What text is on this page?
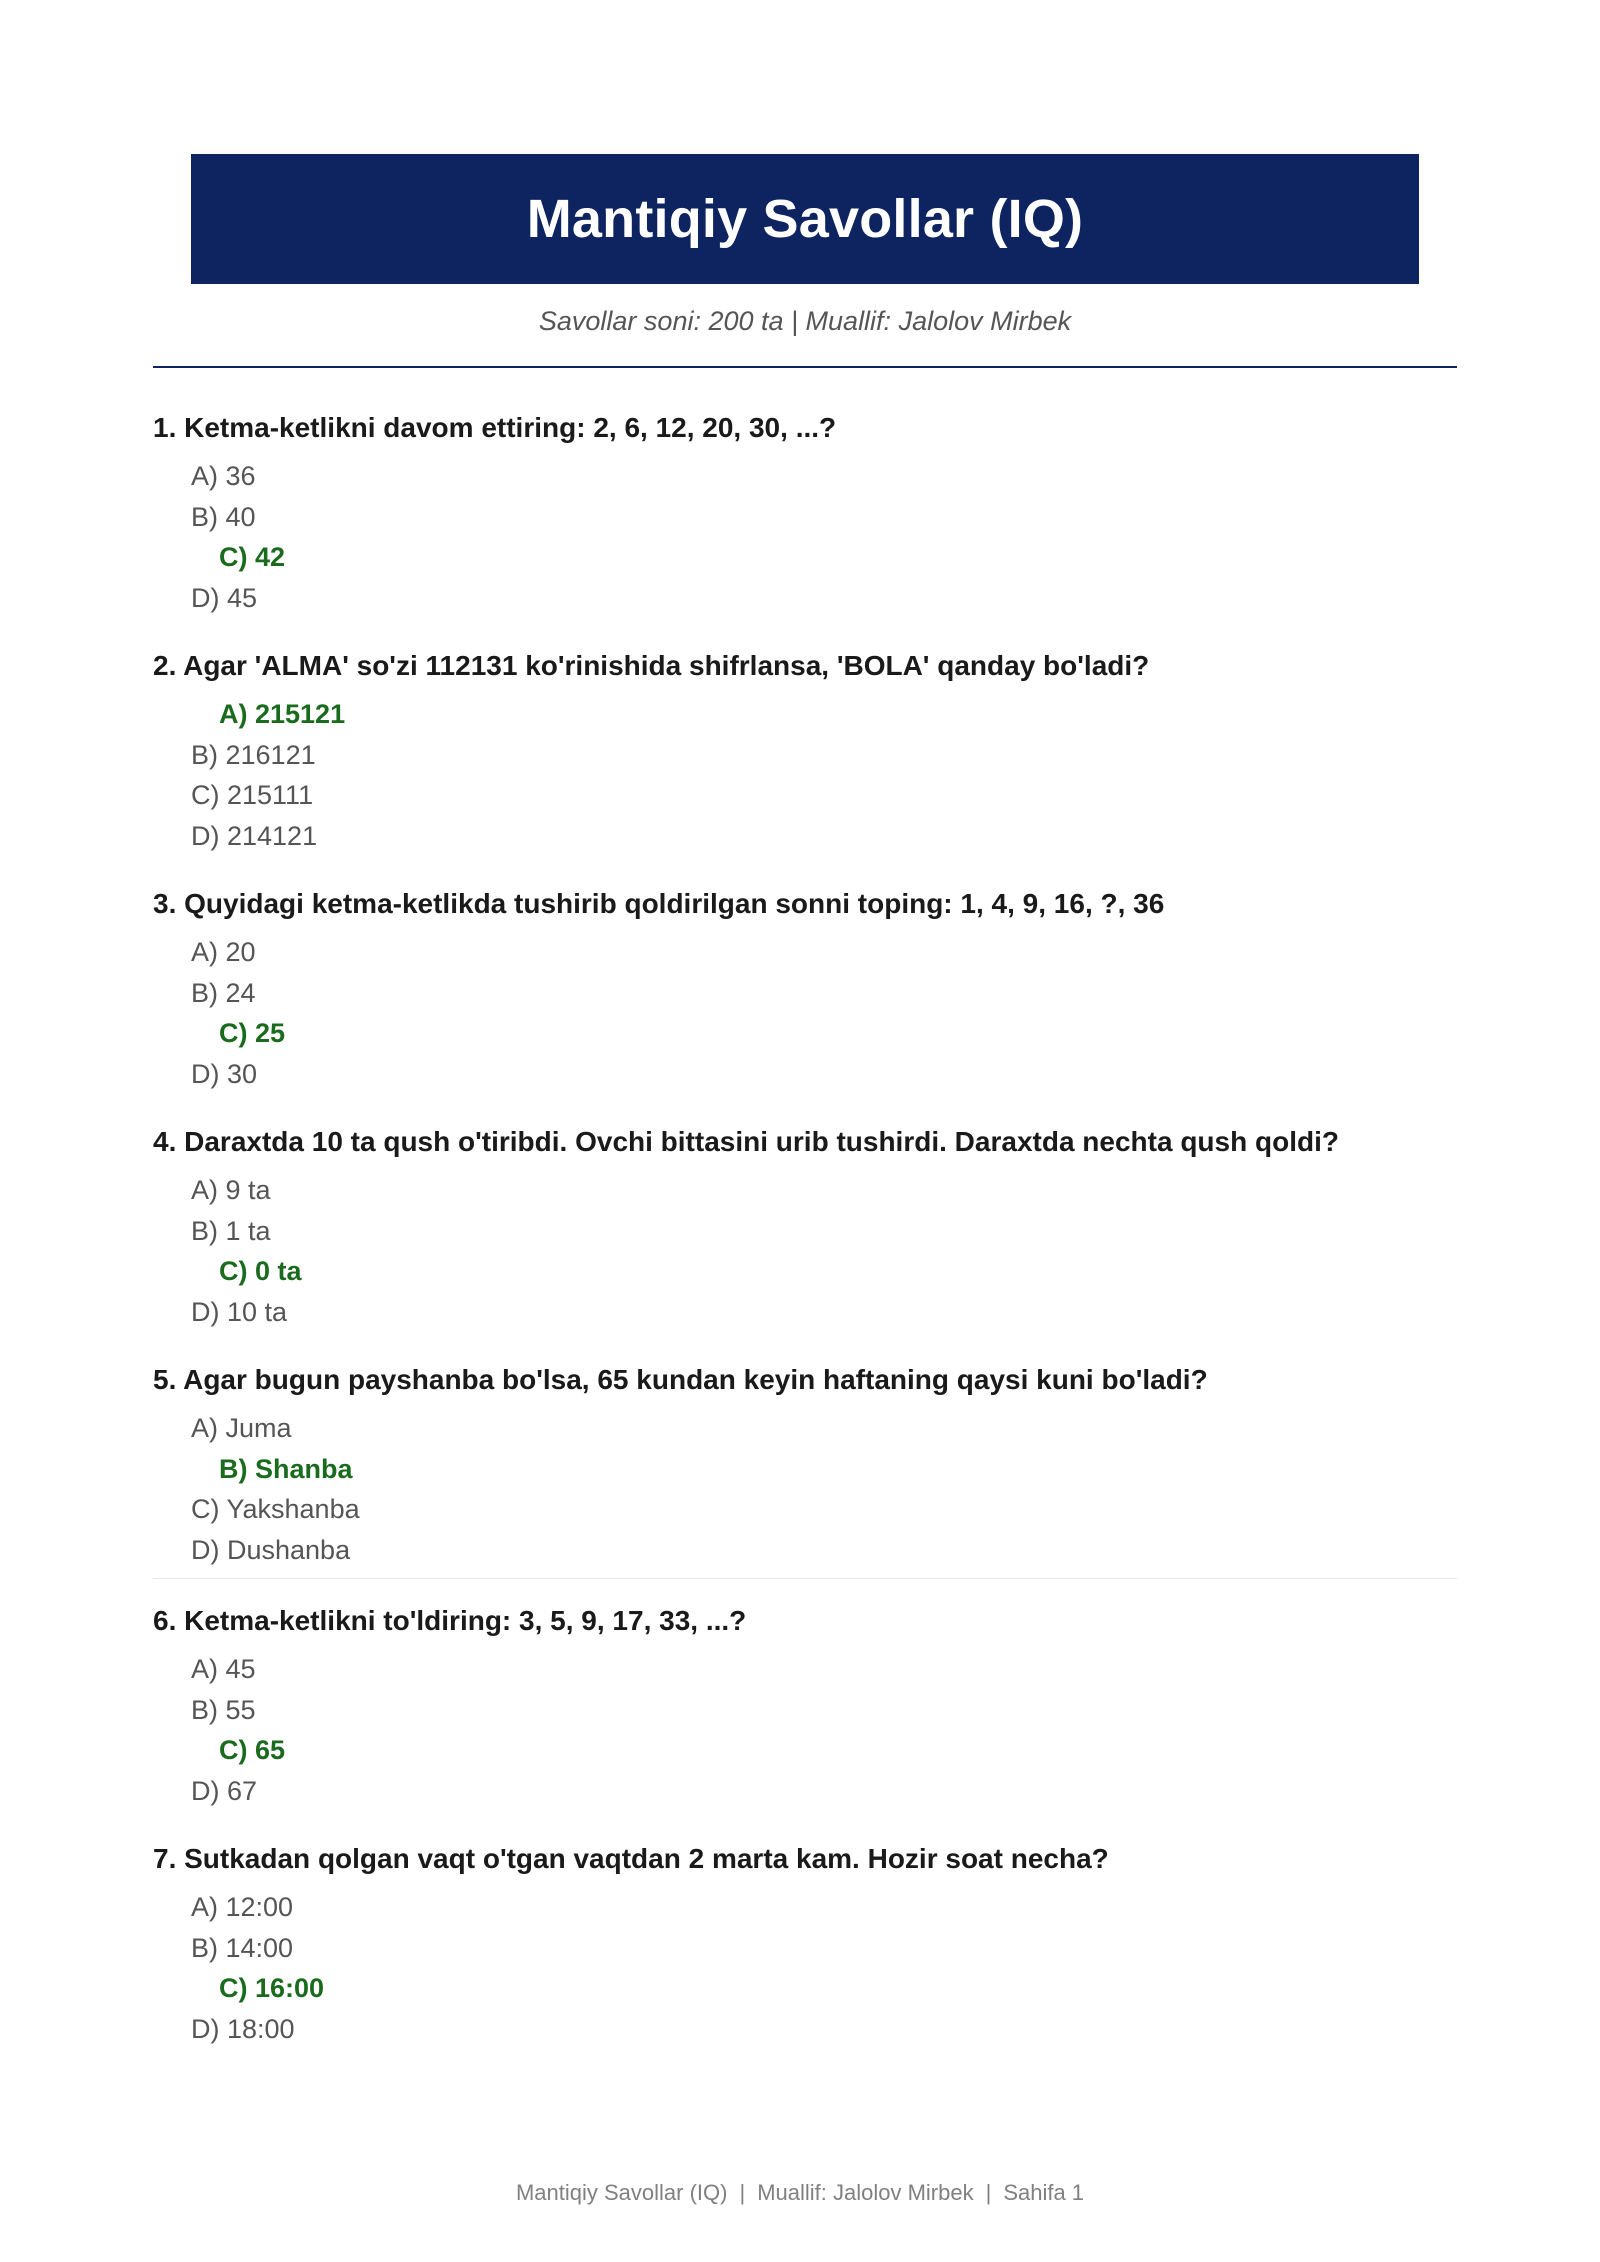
Mantiqiy Savollar (IQ)
Savollar soni: 200 ta | Muallif: Jalolov Mirbek
1. Ketma-ketlikni davom ettiring: 2, 6, 12, 20, 30, ...?
A) 36
B) 40
C) 42
D) 45
2. Agar 'ALMA' so'zi 112131 ko'rinishida shifrlansa, 'BOLA' qanday bo'ladi?
A) 215121
B) 216121
C) 215111
D) 214121
3. Quyidagi ketma-ketlikda tushirib qoldirilgan sonni toping: 1, 4, 9, 16, ?, 36
A) 20
B) 24
C) 25
D) 30
4. Daraxtda 10 ta qush o'tiribdi. Ovchi bittasini urib tushirdi. Daraxtda nechta qush qoldi?
A) 9 ta
B) 1 ta
C) 0 ta
D) 10 ta
5. Agar bugun payshanba bo'lsa, 65 kundan keyin haftaning qaysi kuni bo'ladi?
A) Juma
B) Shanba
C) Yakshanba
D) Dushanba
6. Ketma-ketlikni to'ldiring: 3, 5, 9, 17, 33, ...?
A) 45
B) 55
C) 65
D) 67
7. Sutkadan qolgan vaqt o'tgan vaqtdan 2 marta kam. Hozir soat necha?
A) 12:00
B) 14:00
C) 16:00
D) 18:00
Mantiqiy Savollar (IQ) | Muallif: Jalolov Mirbek | Sahifa 1
